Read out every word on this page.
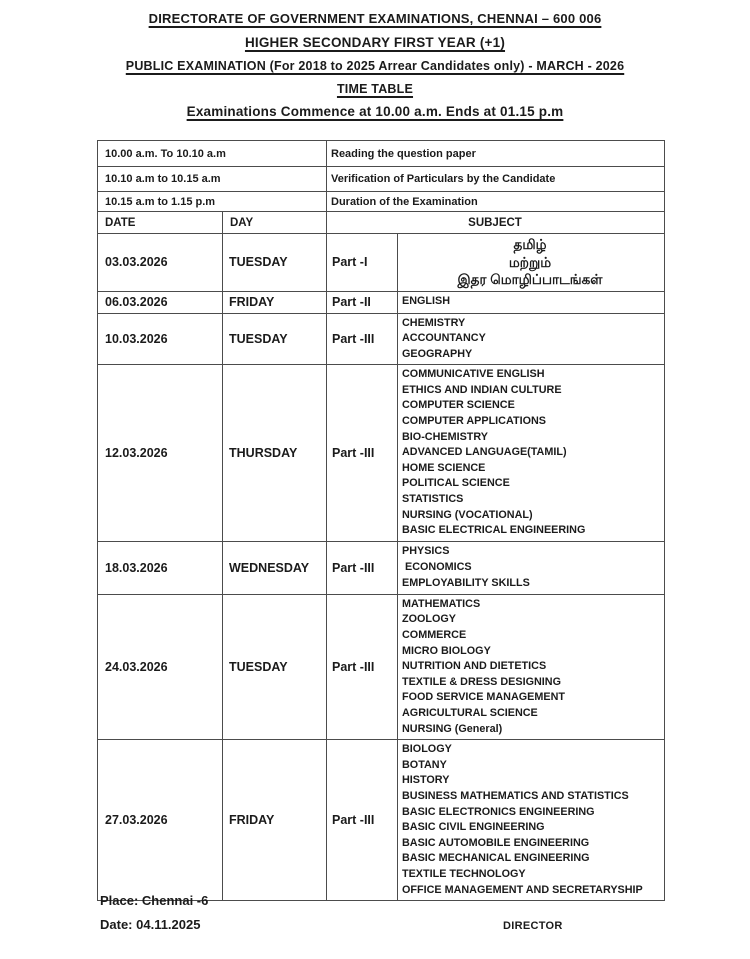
DIRECTORATE OF GOVERNMENT EXAMINATIONS, CHENNAI – 600 006
HIGHER SECONDARY FIRST YEAR (+1)
PUBLIC EXAMINATION (For 2018 to 2025 Arrear Candidates only) - MARCH - 2026
TIME TABLE
Examinations Commence at 10.00 a.m. Ends at 01.15 p.m
10.00 a.m. To 10.10 a.m		Reading the question paper	
10.10 a.m to 10.15 a.m		Verification of Particulars by the Candidate	
10.15 a.m to 1.15 p.m		Duration of the Examination	
DATE	DAY	SUBJECT	
03.03.2026	TUESDAY	Part -I	தமிழ்
மற்றும்
இதர மொழிப்பாடங்கள்

06.03.2026	FRIDAY	Part -II	ENGLISH

10.03.2026	TUESDAY	Part -III	CHEMISTRY
ACCOUNTANCY
GEOGRAPHY

12.03.2026	THURSDAY	Part -III	
COMMUNICATIVE ENGLISH
ETHICS AND INDIAN CULTURE
COMPUTER SCIENCE
COMPUTER APPLICATIONS
BIO-CHEMISTRY
ADVANCED LANGUAGE(TAMIL)
HOME SCIENCE
POLITICAL SCIENCE
STATISTICS
NURSING (VOCATIONAL)
BASIC ELECTRICAL ENGINEERING

18.03.2026	WEDNESDAY	Part -III	PHYSICS
ECONOMICS
EMPLOYABILITY SKILLS

24.03.2026	TUESDAY	Part -III	
MATHEMATICS
ZOOLOGY
COMMERCE
MICRO BIOLOGY
NUTRITION AND DIETETICS
TEXTILE & DRESS DESIGNING
FOOD SERVICE MANAGEMENT
AGRICULTURAL SCIENCE
NURSING (General)

27.03.2026	FRIDAY	Part -III	
BIOLOGY
BOTANY
HISTORY
BUSINESS MATHEMATICS AND STATISTICS
BASIC ELECTRONICS ENGINEERING
BASIC CIVIL ENGINEERING
BASIC AUTOMOBILE ENGINEERING
BASIC MECHANICAL ENGINEERING
TEXTILE TECHNOLOGY
OFFICE MANAGEMENT AND SECRETARYSHIP
Place: Chennai -6
Date: 04.11.2025	DIRECTOR
